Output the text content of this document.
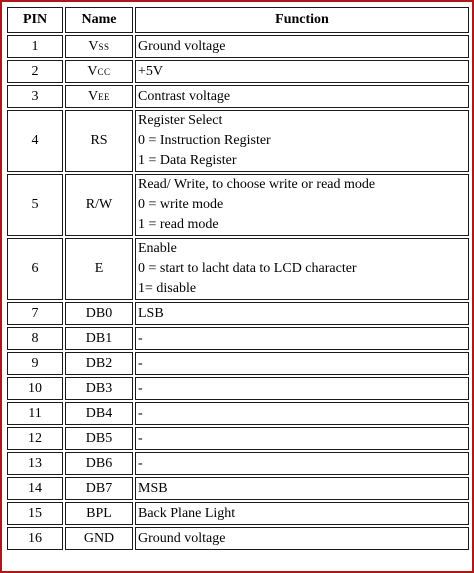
PIN	Name	Function
1	VSS	Ground voltage

2	VCC	+5V

3	VEE	Contrast voltage

4	RS	Register Select
0 = Instruction Register
1 = Data Register

5	R/W	Read/ Write, to choose write or read mode
0 = write mode
1 = read mode

6	E	Enable
0 = start to lacht data to LCD character
1= disable

7	DB0	LSB

8	DB1	-

9	DB2	-

10	DB3	-

11	DB4	-

12	DB5	-

13	DB6	-

14	DB7	MSB

15	BPL	Back Plane Light

16	GND	Ground voltage
